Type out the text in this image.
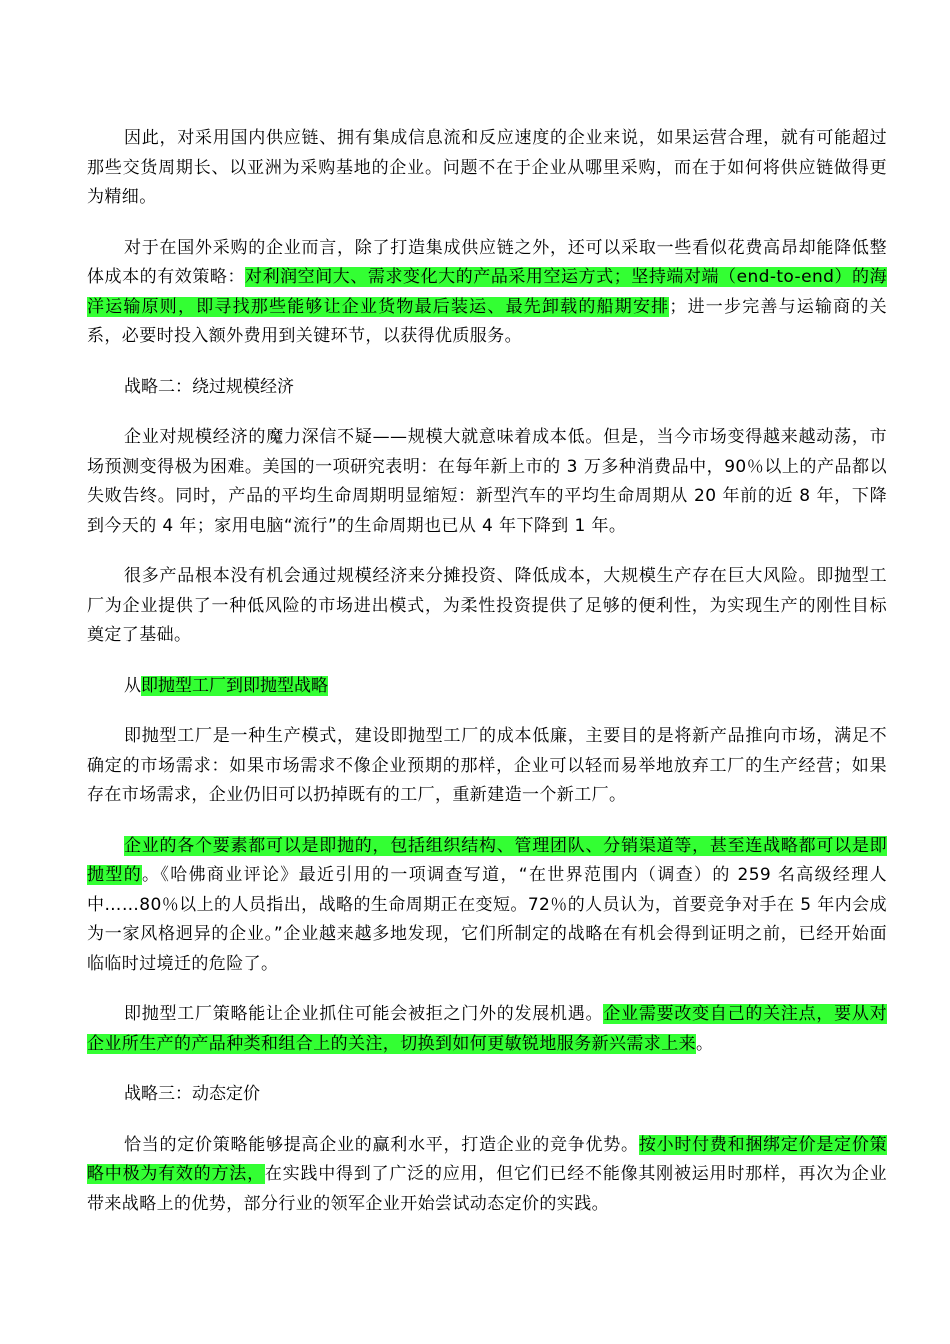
因此，对采用国内供应链、拥有集成信息流和反应速度的企业来说，如果运营合理，就有可能超过那些交货周期长、以亚洲为采购基地的企业。问题不在于企业从哪里采购，而在于如何将供应链做得更为精细。

对于在国外采购的企业而言，除了打造集成供应链之外，还可以采取一些看似花费高昂却能降低整体成本的有效策略：对利润空间大、需求变化大的产品采用空运方式；坚持端对端（end-to-end）的海洋运输原则，即寻找那些能够让企业货物最后装运、最先卸载的船期安排；进一步完善与运输商的关系，必要时投入额外费用到关键环节，以获得优质服务。

战略二：绕过规模经济

企业对规模经济的魔力深信不疑——规模大就意味着成本低。但是，当今市场变得越来越动荡，市场预测变得极为困难。美国的一项研究表明：在每年新上市的 3 万多种消费品中，90％以上的产品都以失败告终。同时，产品的平均生命周期明显缩短：新型汽车的平均生命周期从 20 年前的近 8 年，下降到今天的 4 年；家用电脑“流行”的生命周期也已从 4 年下降到 1 年。

很多产品根本没有机会通过规模经济来分摊投资、降低成本，大规模生产存在巨大风险。即抛型工厂为企业提供了一种低风险的市场进出模式，为柔性投资提供了足够的便利性，为实现生产的刚性目标奠定了基础。

从即抛型工厂到即抛型战略

即抛型工厂是一种生产模式，建设即抛型工厂的成本低廉，主要目的是将新产品推向市场，满足不确定的市场需求：如果市场需求不像企业预期的那样，企业可以轻而易举地放弃工厂的生产经营；如果存在市场需求，企业仍旧可以扔掉既有的工厂，重新建造一个新工厂。

企业的各个要素都可以是即抛的，包括组织结构、管理团队、分销渠道等，甚至连战略都可以是即抛型的。《哈佛商业评论》最近引用的一项调查写道，“在世界范围内（调查）的 259 名高级经理人中……80％以上的人员指出，战略的生命周期正在变短。72％的人员认为，首要竞争对手在 5 年内会成为一家风格迥异的企业。”企业越来越多地发现，它们所制定的战略在有机会得到证明之前，已经开始面临临时过境迁的危险了。

即抛型工厂策略能让企业抓住可能会被拒之门外的发展机遇。企业需要改变自己的关注点，要从对企业所生产的产品种类和组合上的关注，切换到如何更敏锐地服务新兴需求上来。

战略三：动态定价

恰当的定价策略能够提高企业的赢利水平，打造企业的竞争优势。按小时付费和捆绑定价是定价策略中极为有效的方法，在实践中得到了广泛的应用，但它们已经不能像其刚被运用时那样，再次为企业带来战略上的优势，部分行业的领军企业开始尝试动态定价的实践。
